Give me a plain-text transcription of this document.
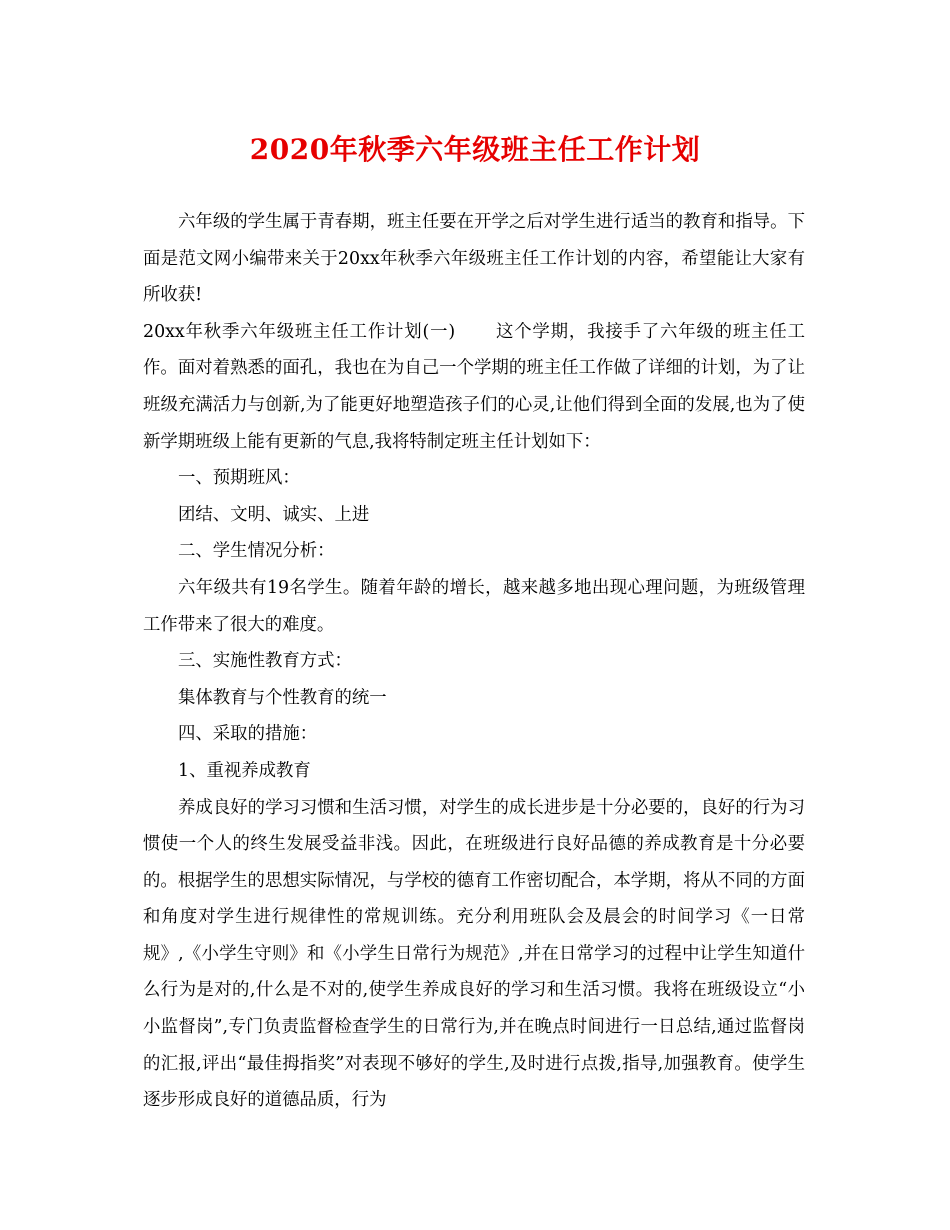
2020年秋季六年级班主任工作计划

六年级的学生属于青春期，班主任要在开学之后对学生进行适当的教育和指导。下面是范文网小编带来关于20xx年秋季六年级班主任工作计划的内容，希望能让大家有所收获!

20xx年秋季六年级班主任工作计划(一) 这个学期，我接手了六年级的班主任工作。面对着熟悉的面孔，我也在为自己一个学期的班主任工作做了详细的计划，为了让班级充满活力与创新,为了能更好地塑造孩子们的心灵,让他们得到全面的发展,也为了使新学期班级上能有更新的气息,我将特制定班主任计划如下：

一、预期班风：

团结、文明、诚实、上进

二、学生情况分析：

六年级共有19名学生。随着年龄的增长，越来越多地出现心理问题，为班级管理工作带来了很大的难度。

三、实施性教育方式：

集体教育与个性教育的统一

四、采取的措施：

1、重视养成教育

养成良好的学习习惯和生活习惯，对学生的成长进步是十分必要的，良好的行为习惯使一个人的终生发展受益非浅。因此，在班级进行良好品德的养成教育是十分必要的。根据学生的思想实际情况，与学校的德育工作密切配合，本学期，将从不同的方面和角度对学生进行规律性的常规训练。充分利用班队会及晨会的时间学习《一日常规》,《小学生守则》和《小学生日常行为规范》,并在日常学习的过程中让学生知道什么行为是对的,什么是不对的,使学生养成良好的学习和生活习惯。我将在班级设立“小小监督岗”,专门负责监督检查学生的日常行为,并在晚点时间进行一日总结,通过监督岗的汇报,评出“最佳拇指奖”对表现不够好的学生,及时进行点拨,指导,加强教育。使学生逐步形成良好的道德品质，行为
